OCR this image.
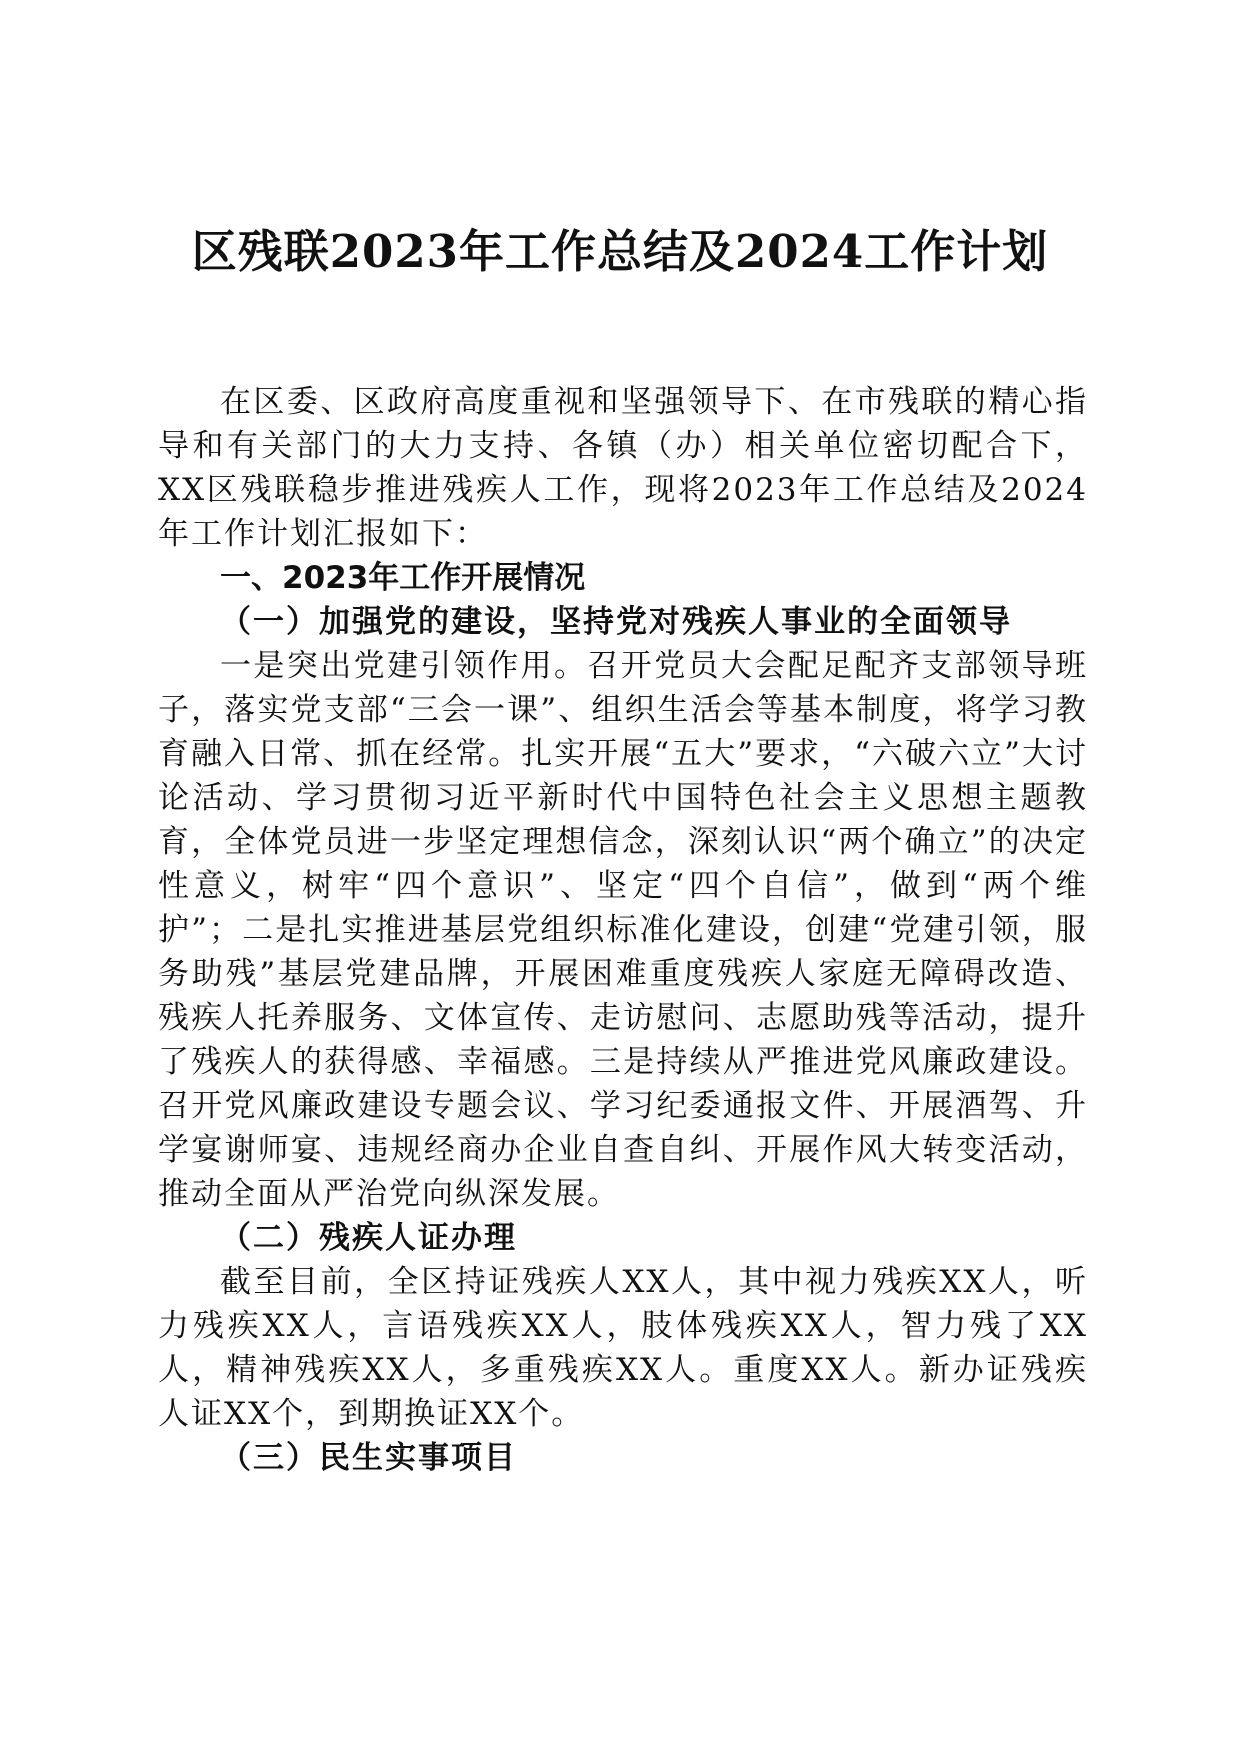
区残联2023年工作总结及2024工作计划

在区委、区政府高度重视和坚强领导下、在市残联的精心指导和有关部门的大力支持、各镇（办）相关单位密切配合下，XX区残联稳步推进残疾人工作，现将2023年工作总结及2024年工作计划汇报如下：

一、2023年工作开展情况

（一）加强党的建设，坚持党对残疾人事业的全面领导

一是突出党建引领作用。召开党员大会配足配齐支部领导班子，落实党支部“三会一课”、组织生活会等基本制度，将学习教育融入日常、抓在经常。扎实开展“五大”要求，“六破六立”大讨论活动、学习贯彻习近平新时代中国特色社会主义思想主题教育，全体党员进一步坚定理想信念，深刻认识“两个确立”的决定性意义，树牢“四个意识”、坚定“四个自信”，做到“两个维护”；二是扎实推进基层党组织标准化建设，创建“党建引领，服务助残”基层党建品牌，开展困难重度残疾人家庭无障碍改造、残疾人托养服务、文体宣传、走访慰问、志愿助残等活动，提升了残疾人的获得感、幸福感。三是持续从严推进党风廉政建设。召开党风廉政建设专题会议、学习纪委通报文件、开展酒驾、升学宴谢师宴、违规经商办企业自查自纠、开展作风大转变活动，推动全面从严治党向纵深发展。

（二）残疾人证办理

截至目前，全区持证残疾人XX人，其中视力残疾XX人，听力残疾XX人，言语残疾XX人，肢体残疾XX人，智力残了XX人，精神残疾XX人，多重残疾XX人。重度XX人。新办证残疾人证XX个，到期换证XX个。

（三）民生实事项目
